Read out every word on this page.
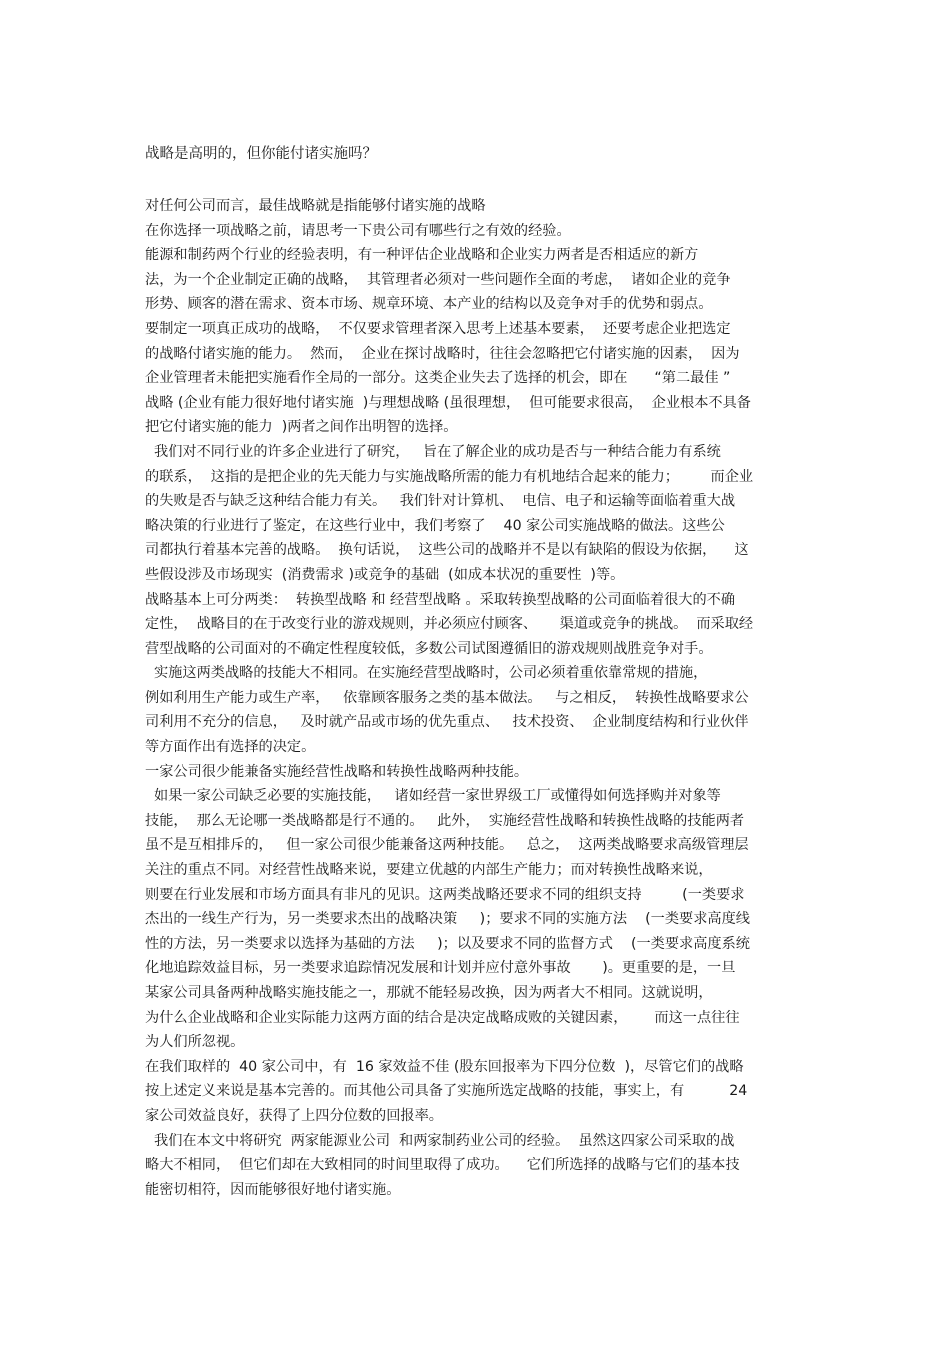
战略是高明的，但你能付诸实施吗？
对任何公司而言，最佳战略就是指能够付诸实施的战略
在你选择一项战略之前，请思考一下贵公司有哪些行之有效的经验。
能源和制药两个行业的经验表明，有一种评估企业战略和企业实力两者是否相适应的新方
法，为一个企业制定正确的战略，  其管理者必须对一些问题作全面的考虑，  诸如企业的竞争
形势、顾客的潜在需求、资本市场、规章环境、本产业的结构以及竞争对手的优势和弱点。
要制定一项真正成功的战略，  不仅要求管理者深入思考上述基本要素，  还要考虑企业把选定
的战略付诸实施的能力。  然而，  企业在探讨战略时，往往会忽略把它付诸实施的因素，  因为
企业管理者未能把实施看作全局的一部分。这类企业失去了选择的机会，即在      “第二最佳 ”
战略 (企业有能力很好地付诸实施  )与理想战略 (虽很理想，  但可能要求很高，  企业根本不具备
把它付诸实施的能力  )两者之间作出明智的选择。
我们对不同行业的许多企业进行了研究，   旨在了解企业的成功是否与一种结合能力有系统
的联系，  这指的是把企业的先天能力与实施战略所需的能力有机地结合起来的能力；       而企业
的失败是否与缺乏这种结合能力有关。   我们针对计算机、  电信、电子和运输等面临着重大战
略决策的行业进行了鉴定，在这些行业中，我们考察了    40 家公司实施战略的做法。这些公
司都执行着基本完善的战略。  换句话说，  这些公司的战略并不是以有缺陷的假设为依据，    这
些假设涉及市场现实  (消费需求 )或竞争的基础  (如成本状况的重要性  )等。
战略基本上可分两类：  转换型战略 和 经营型战略 。采取转换型战略的公司面临着很大的不确
定性，  战略目的在于改变行业的游戏规则，并必须应付顾客、     渠道或竞争的挑战。  而采取经
营型战略的公司面对的不确定性程度较低，多数公司试图遵循旧的游戏规则战胜竞争对手。
实施这两类战略的技能大不相同。在实施经营型战略时，公司必须着重依靠常规的措施，
例如利用生产能力或生产率，   依靠顾客服务之类的基本做法。   与之相反，  转换性战略要求公
司利用不充分的信息，   及时就产品或市场的优先重点、   技术投资、  企业制度结构和行业伙伴
等方面作出有选择的决定。
一家公司很少能兼备实施经营性战略和转换性战略两种技能。
如果一家公司缺乏必要的实施技能，   诸如经营一家世界级工厂或懂得如何选择购并对象等
技能，  那么无论哪一类战略都是行不通的。   此外，  实施经营性战略和转换性战略的技能两者
虽不是互相排斥的，   但一家公司很少能兼备这两种技能。   总之，  这两类战略要求高级管理层
关注的重点不同。对经营性战略来说，要建立优越的内部生产能力；而对转换性战略来说，
则要在行业发展和市场方面具有非凡的见识。这两类战略还要求不同的组织支持         (一类要求
杰出的一线生产行为，另一类要求杰出的战略决策     )；要求不同的实施方法    (一类要求高度线
性的方法，另一类要求以选择为基础的方法     )；以及要求不同的监督方式    (一类要求高度系统
化地追踪效益目标，另一类要求追踪情况发展和计划并应付意外事故       )。更重要的是，一旦
某家公司具备两种战略实施技能之一，那就不能轻易改换，因为两者大不相同。这就说明，
为什么企业战略和企业实际能力这两方面的结合是决定战略成败的关键因素，      而这一点往往
为人们所忽视。
在我们取样的  40 家公司中，有  16 家效益不佳 (股东回报率为下四分位数  )，尽管它们的战略
按上述定义来说是基本完善的。而其他公司具备了实施所选定战略的技能，事实上，有          24
家公司效益良好，获得了上四分位数的回报率。
我们在本文中将研究  两家能源业公司  和两家制药业公司的经验。  虽然这四家公司采取的战
略大不相同，  但它们却在大致相同的时间里取得了成功。    它们所选择的战略与它们的基本技
能密切相符，因而能够很好地付诸实施。
